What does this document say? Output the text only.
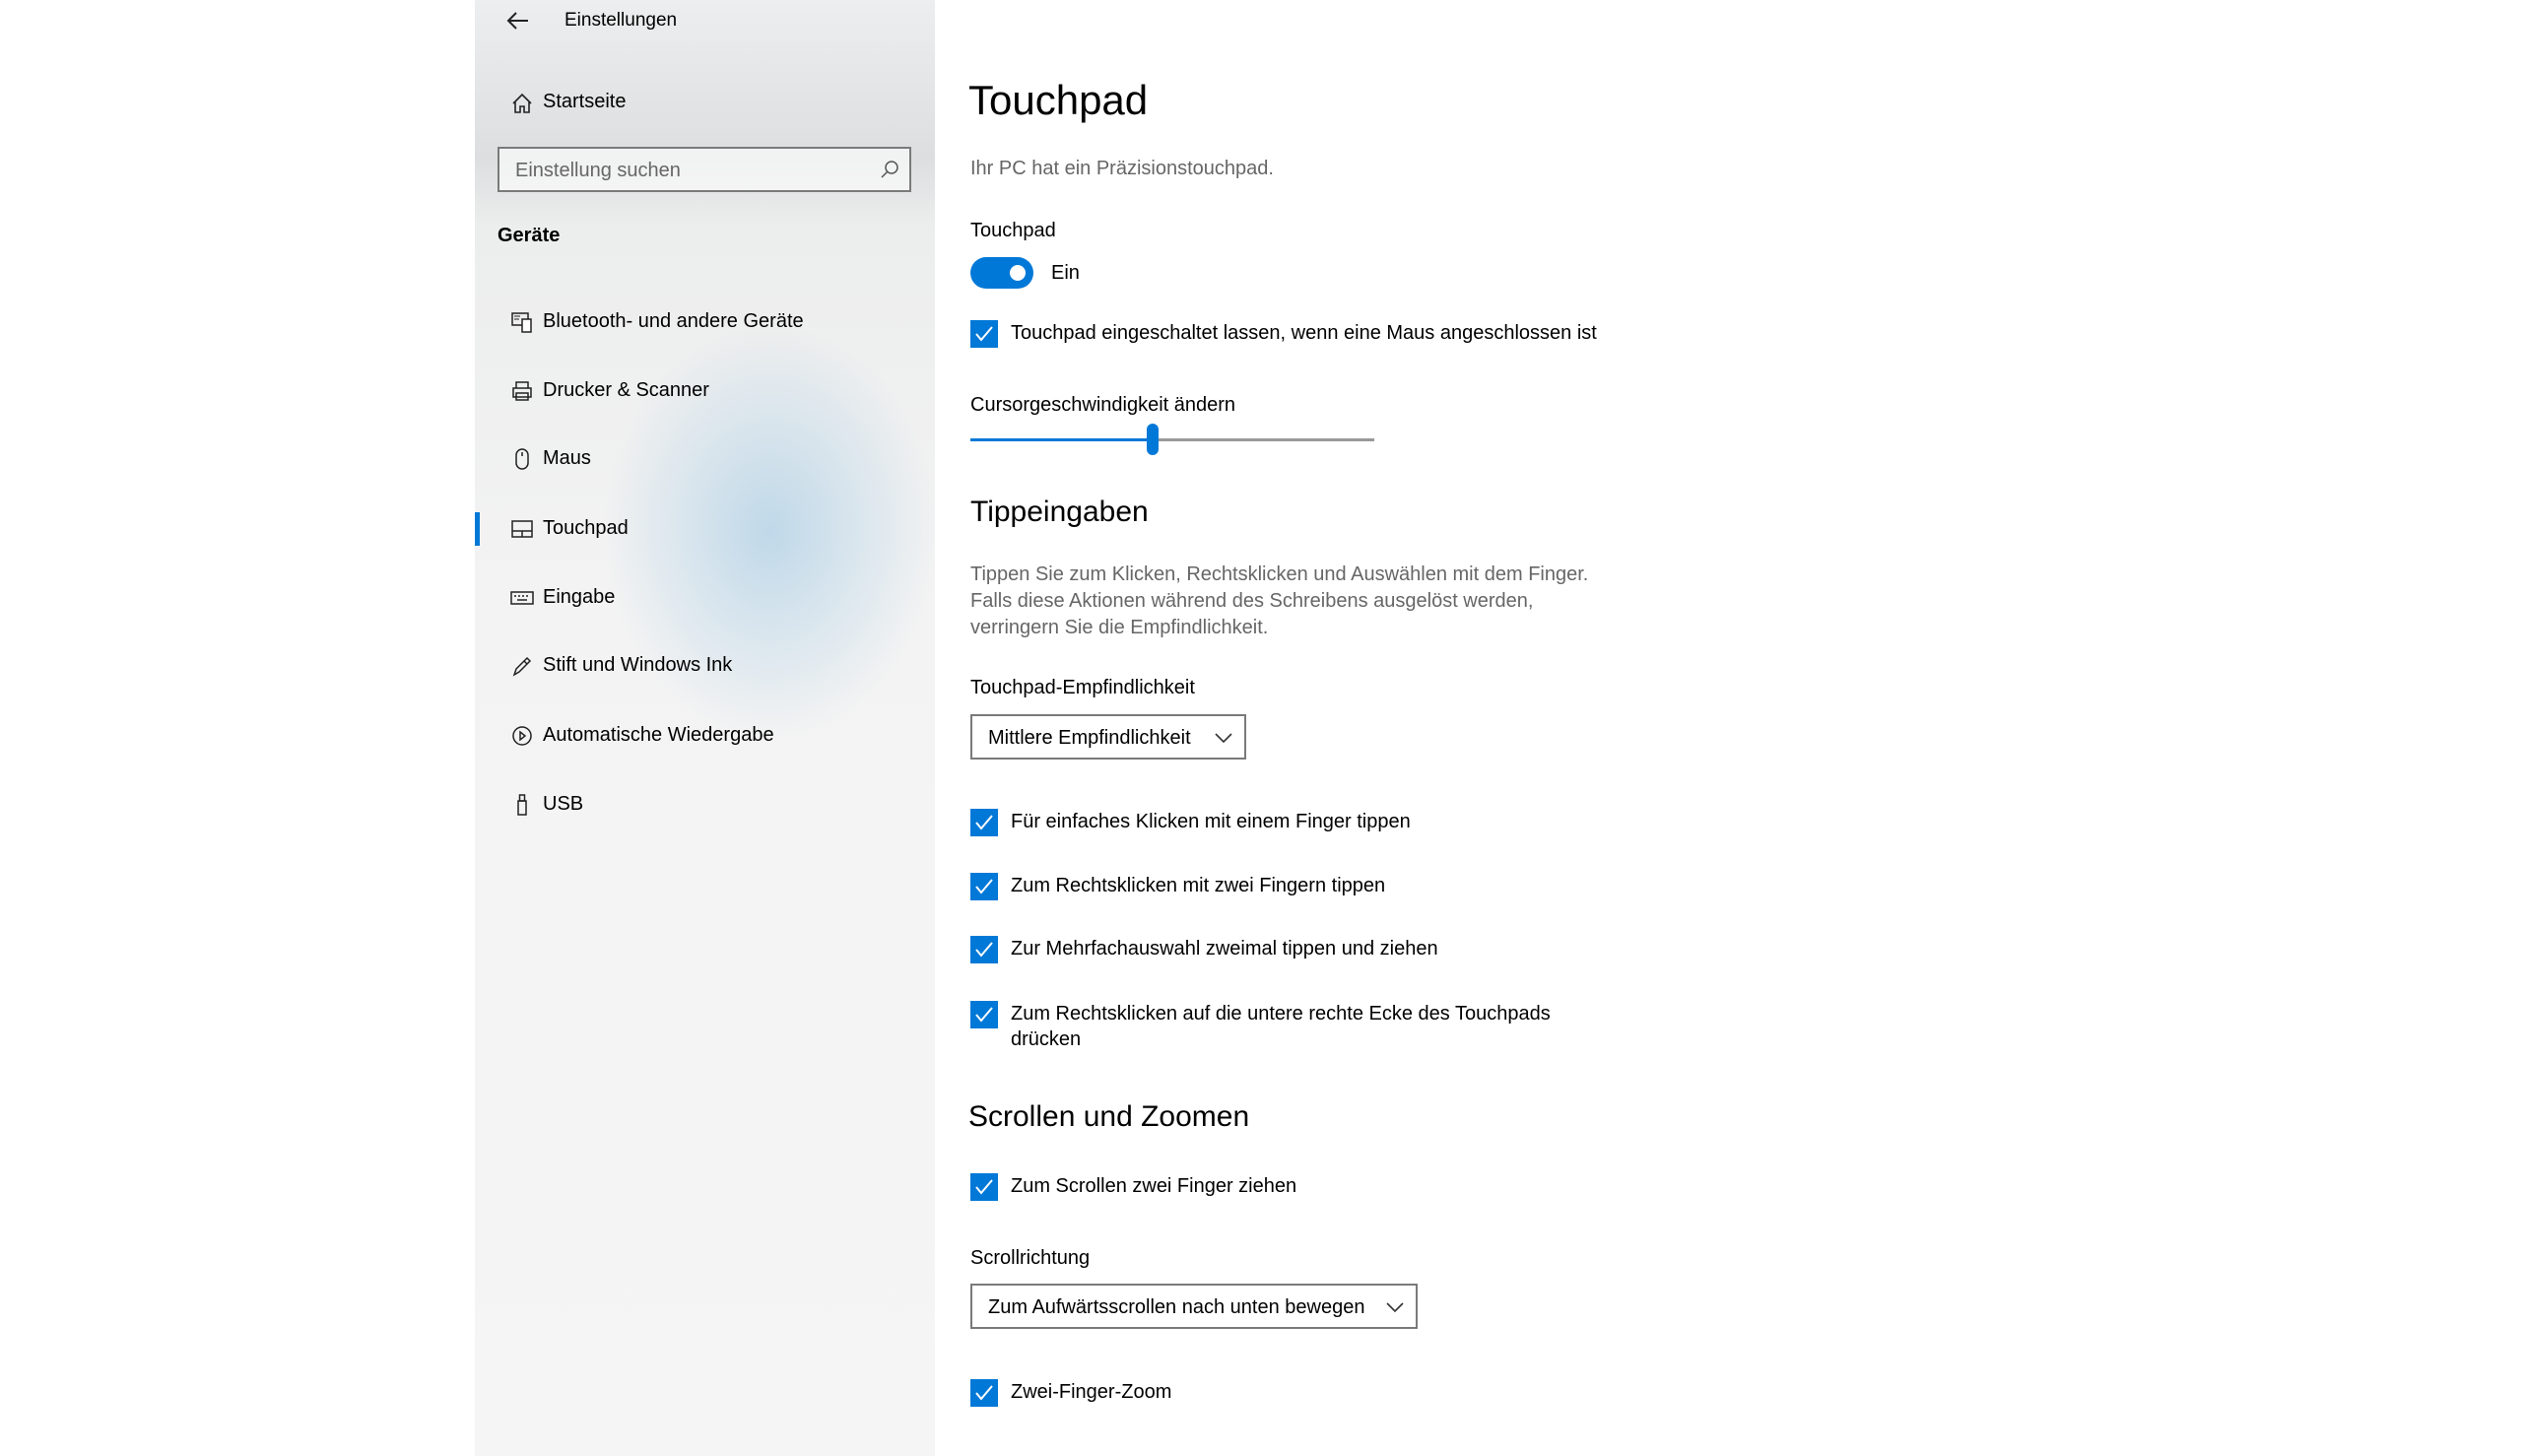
Einstellungen
Startseite
Einstellung suchen
Geräte
Bluetooth- und andere Geräte
Drucker & Scanner
Maus
Touchpad
Eingabe
Stift und Windows Ink
Automatische Wiedergabe
USB
Touchpad
Ihr PC hat ein Präzisionstouchpad.
Touchpad
Ein
Touchpad eingeschaltet lassen, wenn eine Maus angeschlossen ist
Cursorgeschwindigkeit ändern
Tippeingaben
Tippen Sie zum Klicken, Rechtsklicken und Auswählen mit dem Finger.
Falls diese Aktionen während des Schreibens ausgelöst werden,
verringern Sie die Empfindlichkeit.
Touchpad-Empfindlichkeit
Mittlere Empfindlichkeit
Für einfaches Klicken mit einem Finger tippen
Zum Rechtsklicken mit zwei Fingern tippen
Zur Mehrfachauswahl zweimal tippen und ziehen
Zum Rechtsklicken auf die untere rechte Ecke des Touchpads
drücken
Scrollen und Zoomen
Zum Scrollen zwei Finger ziehen
Scrollrichtung
Zum Aufwärtsscrollen nach unten bewegen
Zwei-Finger-Zoom
